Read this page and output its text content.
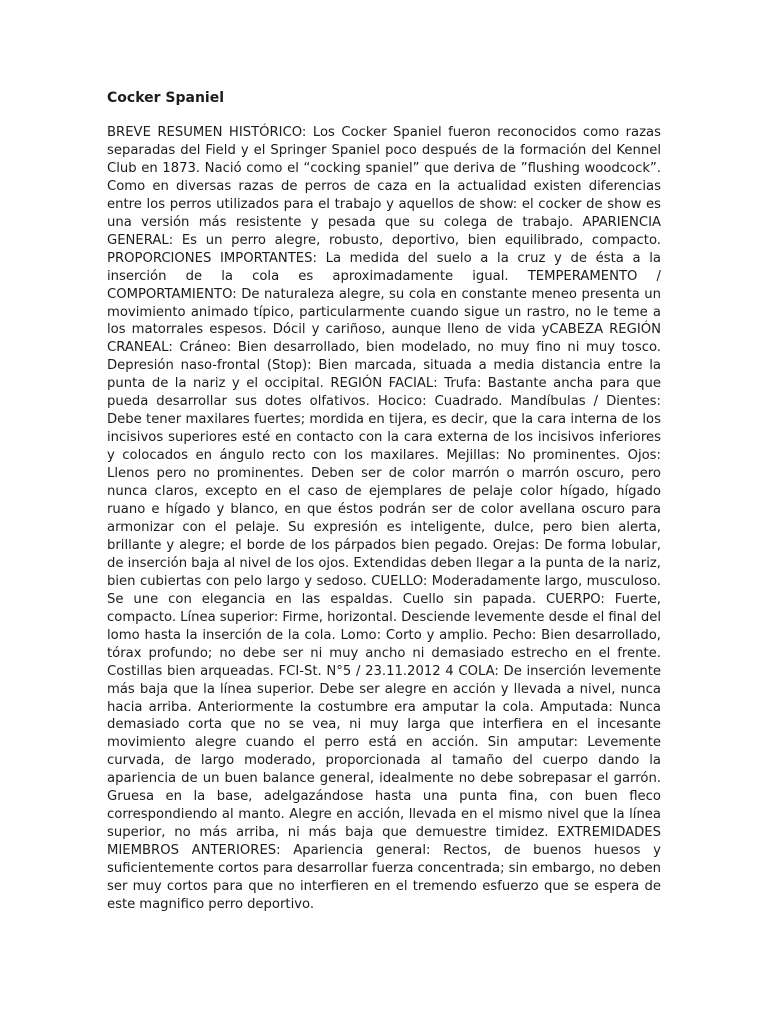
Cocker Spaniel

BREVE RESUMEN HISTÓRICO: Los Cocker Spaniel fueron reconocidos como razas separadas del Field y el Springer Spaniel poco después de la formación del Kennel Club en 1873. Nació como el “cocking spaniel” que deriva de ”flushing woodcock”. Como en diversas razas de perros de caza en la actualidad existen diferencias entre los perros utilizados para el trabajo y aquellos de show: el cocker de show es una versión más resistente y pesada que su colega de trabajo. APARIENCIA GENERAL: Es un perro alegre, robusto, deportivo, bien equilibrado, compacto. PROPORCIONES IMPORTANTES: La medida del suelo a la cruz y de ésta a la inserción de la cola es aproximadamente igual. TEMPERAMENTO / COMPORTAMIENTO: De naturaleza alegre, su cola en constante meneo presenta un movimiento animado típico, particularmente cuando sigue un rastro, no le teme a los matorrales espesos. Dócil y cariñoso, aunque lleno de vida yCABEZA REGIÓN CRANEAL: Cráneo: Bien desarrollado, bien modelado, no muy fino ni muy tosco. Depresión naso-frontal (Stop): Bien marcada, situada a media distancia entre la punta de la nariz y el occipital. REGIÓN FACIAL: Trufa: Bastante ancha para que pueda desarrollar sus dotes olfativos. Hocico: Cuadrado. Mandíbulas / Dientes: Debe tener maxilares fuertes; mordida en tijera, es decir, que la cara interna de los incisivos superiores esté en contacto con la cara externa de los incisivos inferiores y colocados en ángulo recto con los maxilares. Mejillas: No prominentes. Ojos: Llenos pero no prominentes. Deben ser de color marrón o marrón oscuro, pero nunca claros, excepto en el caso de ejemplares de pelaje color hígado, hígado ruano e hígado y blanco, en que éstos podrán ser de color avellana oscuro para armonizar con el pelaje. Su expresión es inteligente, dulce, pero bien alerta, brillante y alegre; el borde de los párpados bien pegado. Orejas: De forma lobular, de inserción baja al nivel de los ojos. Extendidas deben llegar a la punta de la nariz, bien cubiertas con pelo largo y sedoso. CUELLO: Moderadamente largo, musculoso. Se une con elegancia en las espaldas. Cuello sin papada. CUERPO: Fuerte, compacto. Línea superior: Firme, horizontal. Desciende levemente desde el final del lomo hasta la inserción de la cola. Lomo: Corto y amplio. Pecho: Bien desarrollado, tórax profundo; no debe ser ni muy ancho ni demasiado estrecho en el frente. Costillas bien arqueadas. FCI-St. N°5 / 23.11.2012 4 COLA: De inserción levemente más baja que la línea superior. Debe ser alegre en acción y llevada a nivel, nunca hacia arriba. Anteriormente la costumbre era amputar la cola. Amputada: Nunca demasiado corta que no se vea, ni muy larga que interfiera en el incesante movimiento alegre cuando el perro está en acción. Sin amputar: Levemente curvada, de largo moderado, proporcionada al tamaño del cuerpo dando la apariencia de un buen balance general, idealmente no debe sobrepasar el garrón. Gruesa en la base, adelgazándose hasta una punta fina, con buen fleco correspondiendo al manto. Alegre en acción, llevada en el mismo nivel que la línea superior, no más arriba, ni más baja que demuestre timidez. EXTREMIDADES MIEMBROS ANTERIORES: Apariencia general: Rectos, de buenos huesos y suficientemente cortos para desarrollar fuerza concentrada; sin embargo, no deben ser muy cortos para que no interfieren en el tremendo esfuerzo que se espera de este magnifico perro deportivo.
